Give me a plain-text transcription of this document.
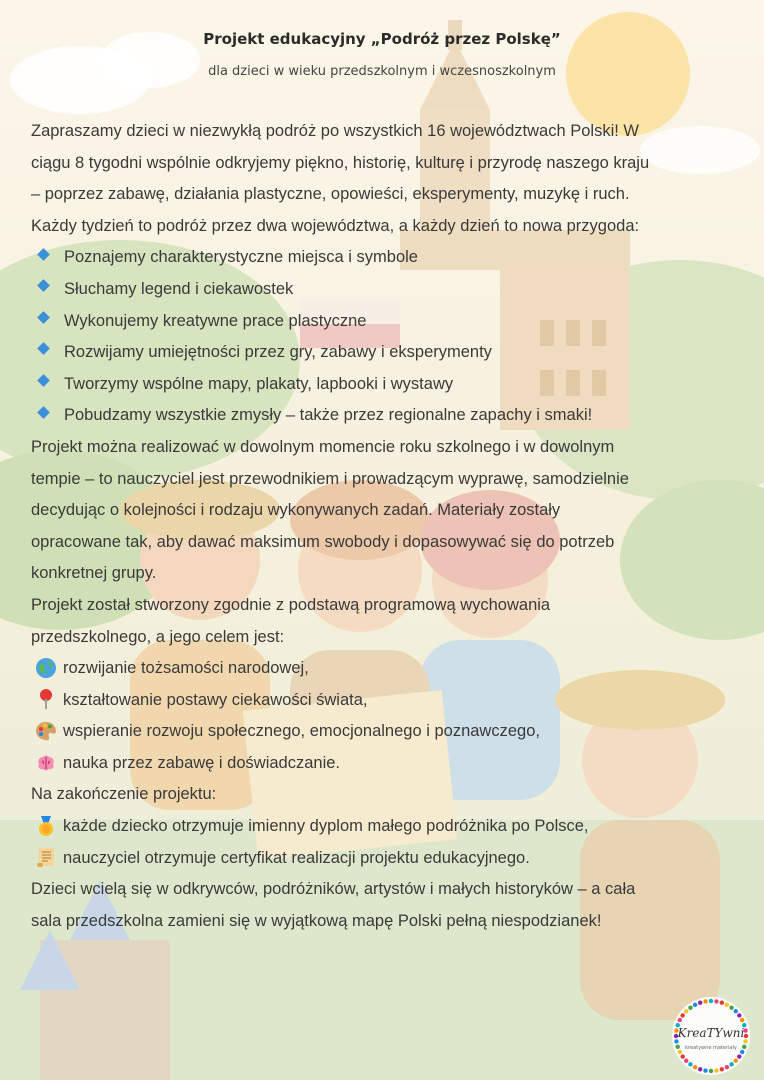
Projekt edukacyjny „Podróż przez Polskę”
dla dzieci w wieku przedszkolnym i wczesnoszkolnym

Zapraszamy dzieci w niezwykłą podróż po wszystkich 16 województwach Polski! W

ciągu 8 tygodni wspólnie odkryjemy piękno, historię, kulturę i przyrodę naszego kraju

– poprzez zabawę, działania plastyczne, opowieści, eksperymenty, muzykę i ruch.

Każdy tydzień to podróż przez dwa województwa, a każdy dzień to nowa przygoda:

Poznajemy charakterystyczne miejsca i symbole
Słuchamy legend i ciekawostek
Wykonujemy kreatywne prace plastyczne
Rozwijamy umiejętności przez gry, zabawy i eksperymenty
Tworzymy wspólne mapy, plakaty, lapbooki i wystawy
Pobudzamy wszystkie zmysły – także przez regionalne zapachy i smaki!

Projekt można realizować w dowolnym momencie roku szkolnego i w dowolnym

tempie – to nauczyciel jest przewodnikiem i prowadzącym wyprawę, samodzielnie

decydując o kolejności i rodzaju wykonywanych zadań. Materiały zostały

opracowane tak, aby dawać maksimum swobody i dopasowywać się do potrzeb

konkretnej grupy.

Projekt został stworzony zgodnie z podstawą programową wychowania

przedszkolnego, a jego celem jest:

rozwijanie tożsamości narodowej,
kształtowanie postawy ciekawości świata,
wspieranie rozwoju społecznego, emocjonalnego i poznawczego,
nauka przez zabawę i doświadczanie.

Na zakończenie projektu:

każde dziecko otrzymuje imienny dyplom małego podróżnika po Polsce,
nauczyciel otrzymuje certyfikat realizacji projektu edukacyjnego.

Dzieci wcielą się w odkrywców, podróżników, artystów i małych historyków – a cała

sala przedszkolna zamieni się w wyjątkową mapę Polski pełną niespodzianek!

KreaTYwni
kreatywne materiały
